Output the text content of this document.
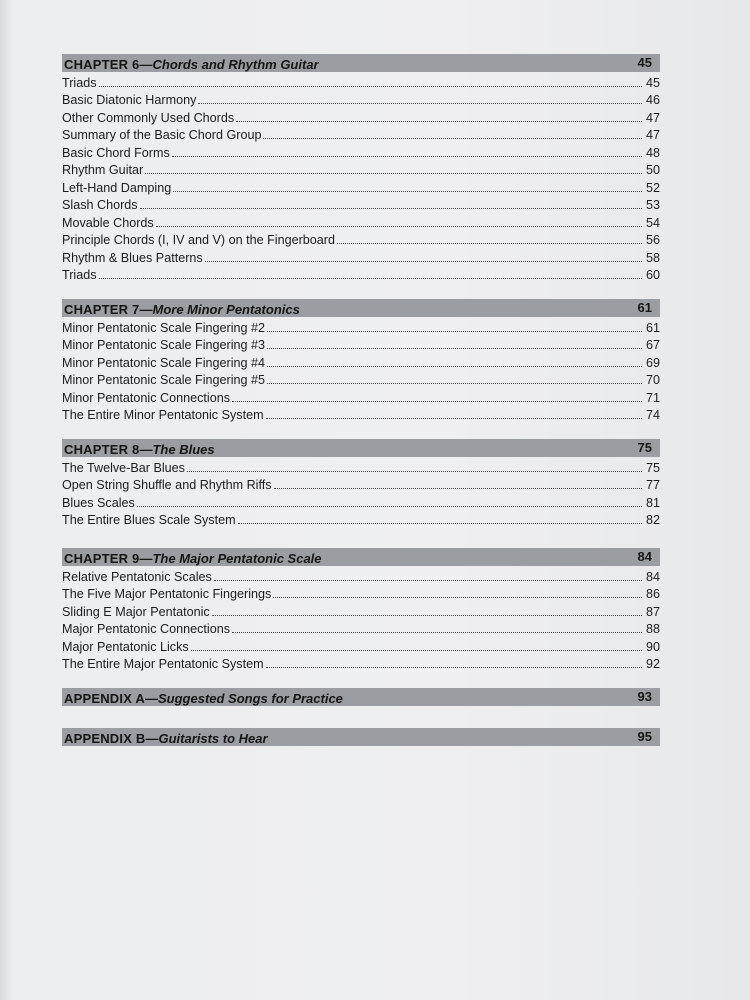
CHAPTER 6 — Chords and Rhythm Guitar	45
Triads	45
Basic Diatonic Harmony	46
Other Commonly Used Chords	47
Summary of the Basic Chord Group	47
Basic Chord Forms	48
Rhythm Guitar	50
Left-Hand Damping	52
Slash Chords	53
Movable Chords	54
Principle Chords (I, IV and V) on the Fingerboard	56
Rhythm & Blues Patterns	58
Triads	60
CHAPTER 7 — More Minor Pentatonics	61
Minor Pentatonic Scale Fingering #2	61
Minor Pentatonic Scale Fingering #3	67
Minor Pentatonic Scale Fingering #4	69
Minor Pentatonic Scale Fingering #5	70
Minor Pentatonic Connections	71
The Entire Minor Pentatonic System	74
CHAPTER 8 — The Blues	75
The Twelve-Bar Blues	75
Open String Shuffle and Rhythm Riffs	77
Blues Scales	81
The Entire Blues Scale System	82
CHAPTER 9 — The Major Pentatonic Scale	84
Relative Pentatonic Scales	84
The Five Major Pentatonic Fingerings	86
Sliding E Major Pentatonic	87
Major Pentatonic Connections	88
Major Pentatonic Licks	90
The Entire Major Pentatonic System	92
APPENDIX A — Suggested Songs for Practice	93
APPENDIX B — Guitarists to Hear	95
